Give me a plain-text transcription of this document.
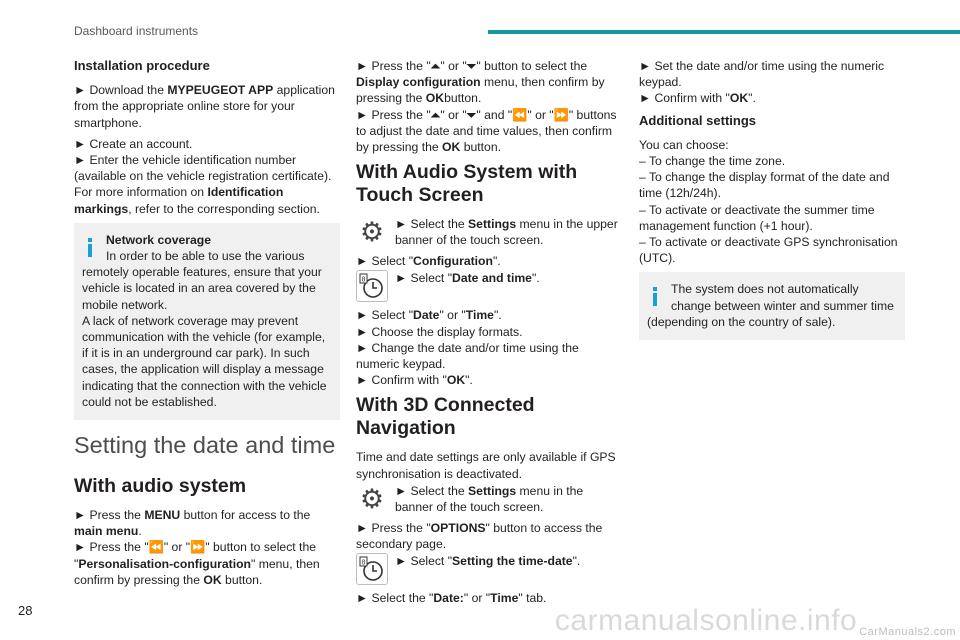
Dashboard instruments
Installation procedure

► Download the MYPEUGEOT APP application from the appropriate online store for your smartphone.

► Create an account.

► Enter the vehicle identification number (available on the vehicle registration certificate).

For more information on Identification markings, refer to the corresponding section.

Network coverage
In order to be able to use the various remotely operable features, ensure that your vehicle is located in an area covered by the mobile network.
A lack of network coverage may prevent communication with the vehicle (for example, if it is in an underground car park). In such cases, the application will display a message indicating that the connection with the vehicle could not be established.
Setting the date and time
With audio system

► Press the MENU button for access to the main menu.

► Press the "⏪" or "⏩" button to select the "Personalisation-configuration" menu, then confirm by pressing the OK button.

► Press the "⏶" or "⏷" button to select the Display configuration menu, then confirm by pressing the OKbutton.

► Press the "⏶" or "⏷" and "⏪" or "⏩" buttons to adjust the date and time values, then confirm by pressing the OK button.

With Audio System with Touch Screen
⚙ ► Select the Settings menu in the upper banner of the touch screen.

► Select "Configuration".

8 ► Select "Date and time".

► Select "Date" or "Time".

► Choose the display formats.

► Change the date and/or time using the numeric keypad.

► Confirm with "OK".

With 3D Connected Navigation

Time and date settings are only available if GPS synchronisation is deactivated.

⚙ ► Select the Settings menu in the banner of the touch screen.

► Press the "OPTIONS" button to access the secondary page.

8 ► Select "Setting the time-date".

► Select the "Date:" or "Time" tab.

► Set the date and/or time using the numeric keypad.

► Confirm with "OK".

Additional settings

You can choose:

– To change the time zone.

– To change the display format of the date and time (12h/24h).

– To activate or deactivate the summer time management function (+1 hour).

– To activate or deactivate GPS synchronisation (UTC).

The system does not automatically change between winter and summer time (depending on the country of sale).
28	carmanualsonline.info CarManuals2.com
